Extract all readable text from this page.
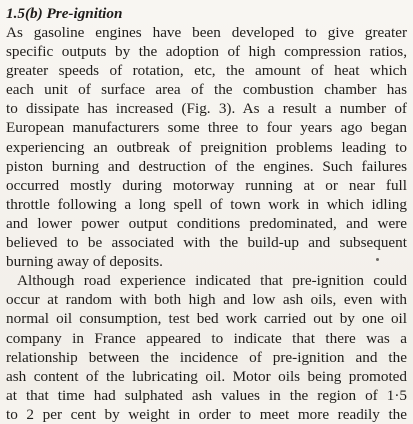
1.5(b) Pre-ignition

As gasoline engines have been developed to give greater
specific outputs by the adoption of high compression ratios,
greater speeds of rotation, etc, the amount of heat which
each unit of surface area of the combustion chamber has
to dissipate has increased (Fig. 3). As a result a number of
European manufacturers some three to four years ago began
experiencing an outbreak of preignition problems leading to
piston burning and destruction of the engines. Such failures
occurred mostly during motorway running at or near full
throttle following a long spell of town work in which idling
and lower power output conditions predominated, and were
believed to be associated with the build-up and subsequent
burning away of deposits.

Although road experience indicated that pre-ignition could
occur at random with both high and low ash oils, even with
normal oil consumption, test bed work carried out by one oil
company in France appeared to indicate that there was a
relationship between the incidence of pre-ignition and the
ash content of the lubricating oil. Motor oils being promoted
at that time had sulphated ash values in the region of 1·5
to 2 per cent by weight in order to meet more readily the
